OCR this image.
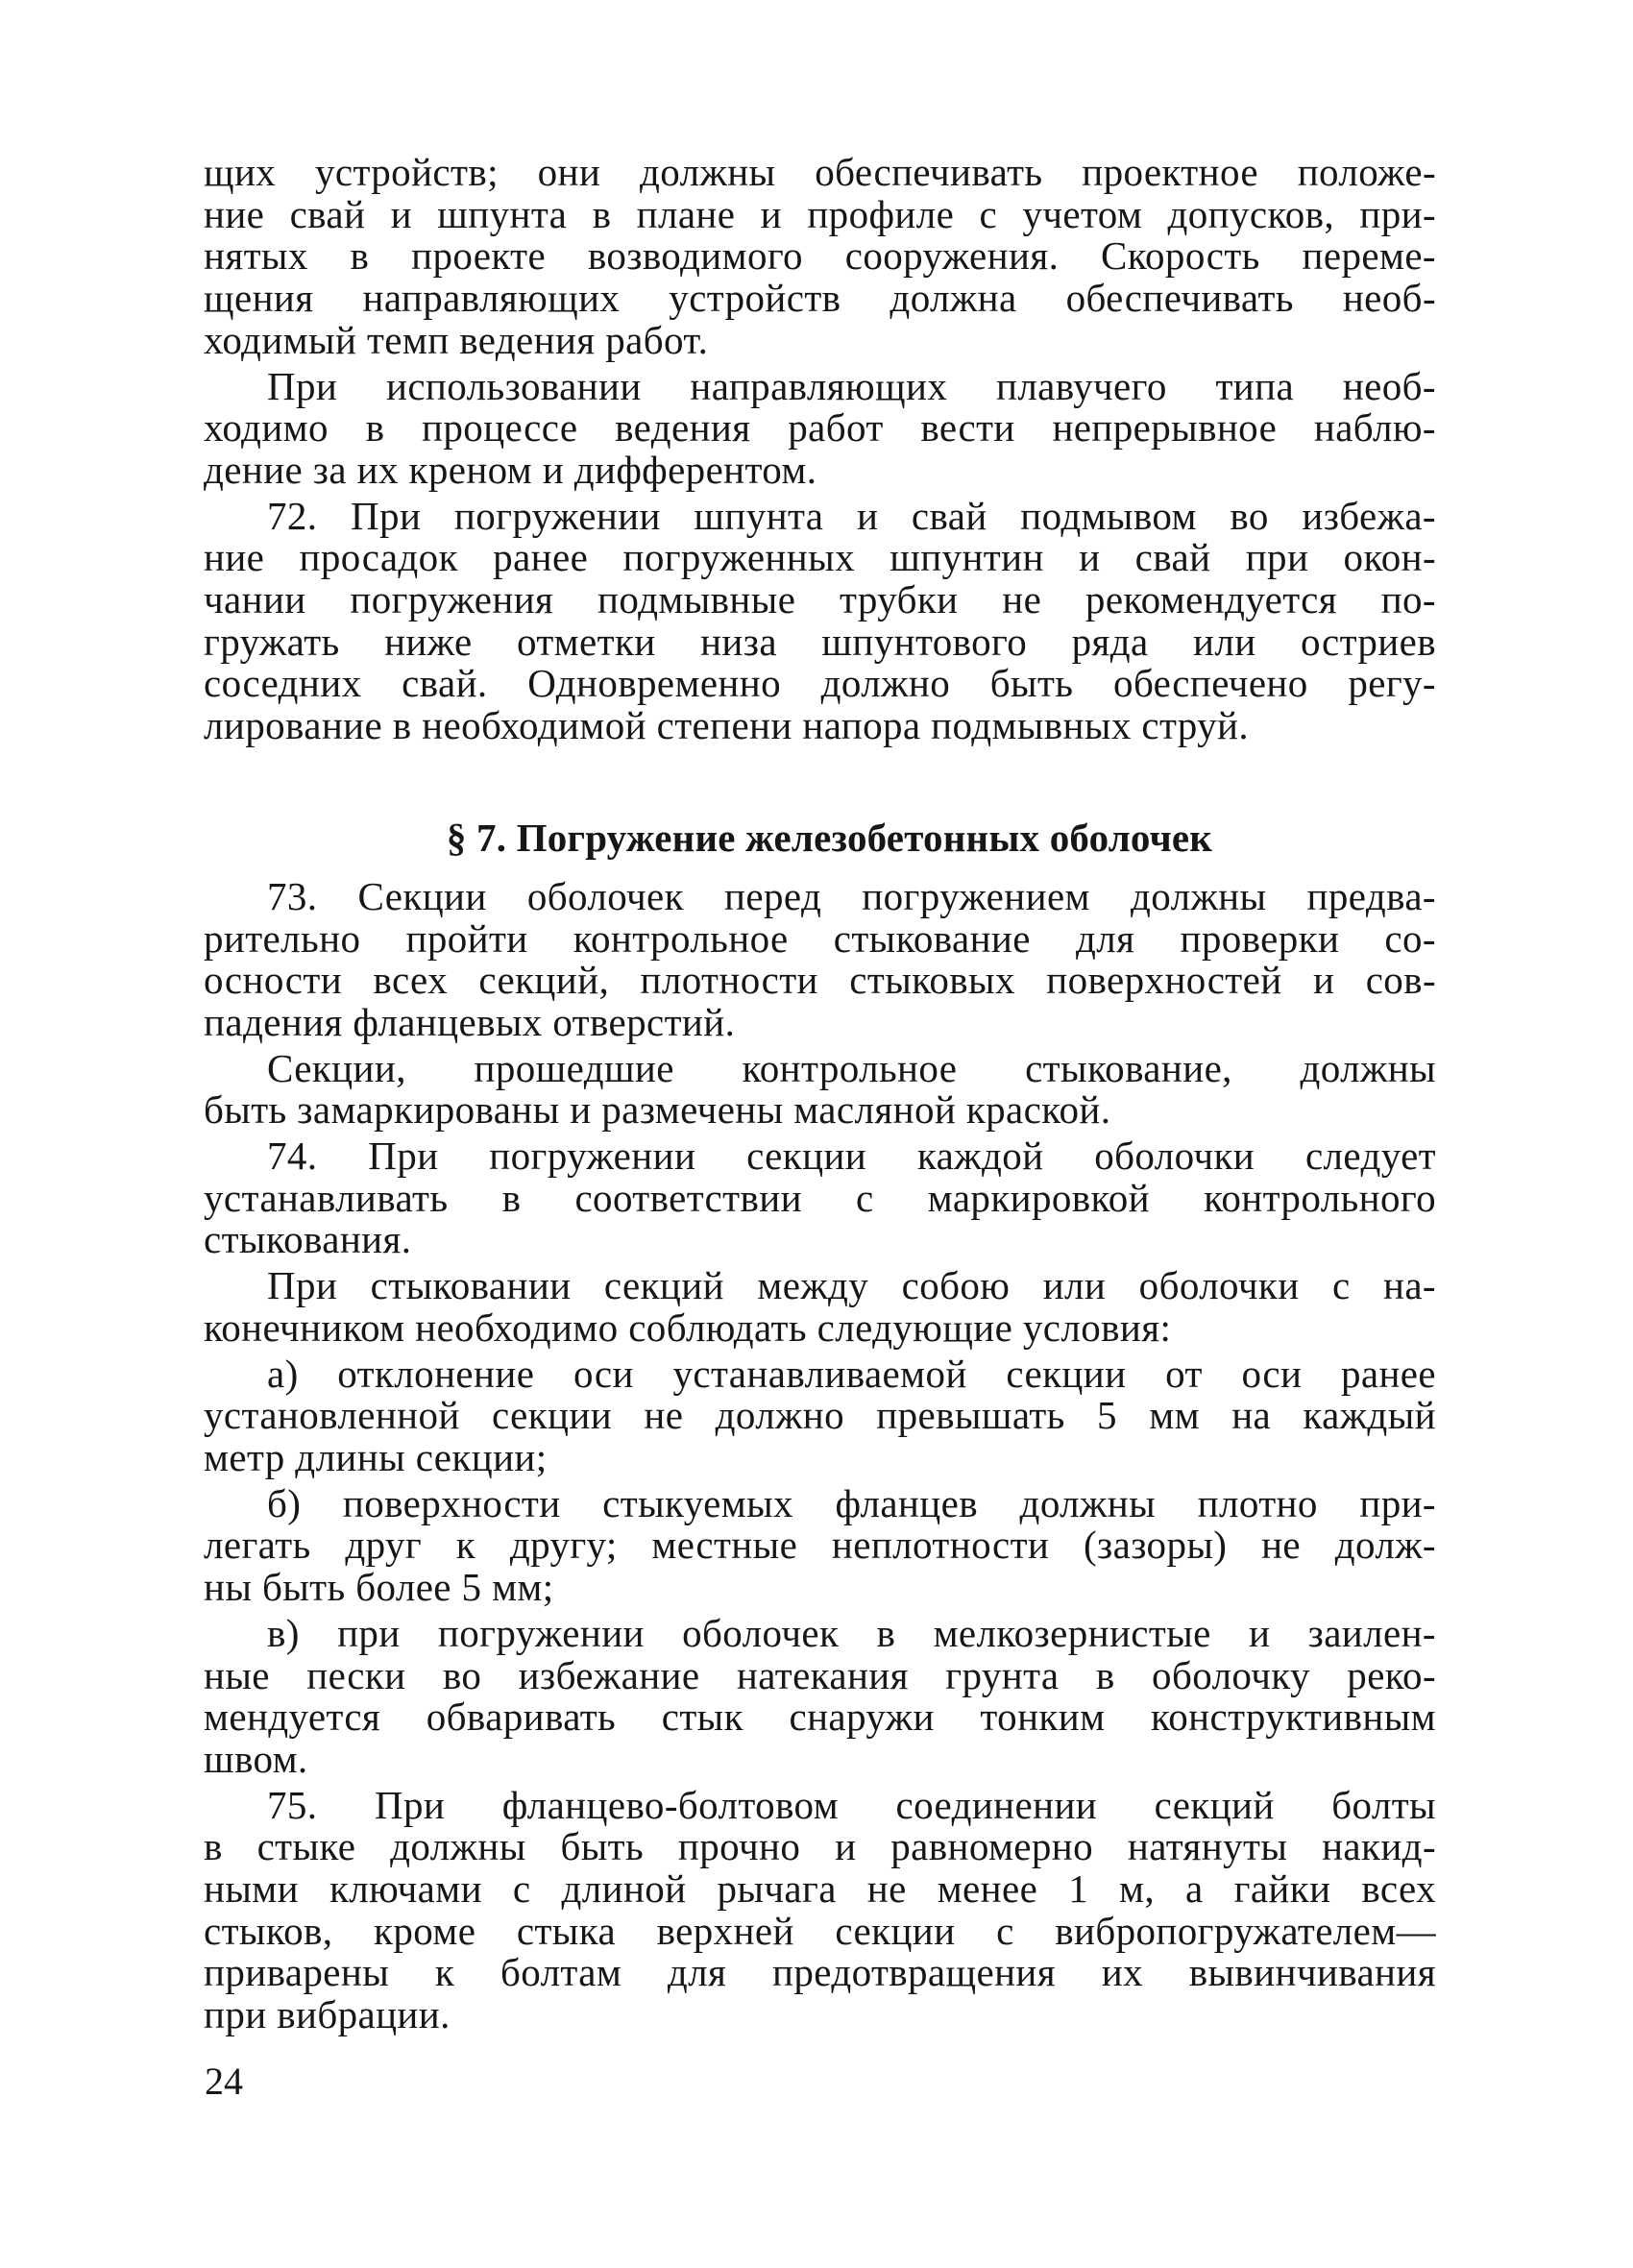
щих устройств; они должны обеспечивать проектное положе-
ние свай и шпунта в плане и профиле с учетом допусков, при-
нятых в проекте возводимого сооружения. Скорость переме-
щения направляющих устройств должна обеспечивать необ-
ходимый темп ведения работ.
При использовании направляющих плавучего типа необ-
ходимо в процессе ведения работ вести непрерывное наблю-
дение за их креном и дифферентом.
72. При погружении шпунта и свай подмывом во избежа-
ние просадок ранее погруженных шпунтин и свай при окон-
чании погружения подмывные трубки не рекомендуется по-
гружать ниже отметки низа шпунтового ряда или остриев
соседних свай. Одновременно должно быть обеспечено регу-
лирование в необходимой степени напора подмывных струй.
§ 7. Погружение железобетонных оболочек
73. Секции оболочек перед погружением должны предва-
рительно пройти контрольное стыкование для проверки со-
осности всех секций, плотности стыковых поверхностей и сов-
падения фланцевых отверстий.
Секции, прошедшие контрольное стыкование, должны
быть замаркированы и размечены масляной краской.
74. При погружении секции каждой оболочки следует
устанавливать в соответствии с маркировкой контрольного
стыкования.
При стыковании секций между собою или оболочки с на-
конечником необходимо соблюдать следующие условия:
а) отклонение оси устанавливаемой секции от оси ранее
установленной секции не должно превышать 5 мм на каждый
метр длины секции;
б) поверхности стыкуемых фланцев должны плотно при-
легать друг к другу; местные неплотности (зазоры) не долж-
ны быть более 5 мм;
в) при погружении оболочек в мелкозернистые и заилен-
ные пески во избежание натекания грунта в оболочку реко-
мендуется обваривать стык снаружи тонким конструктивным
швом.
75. При фланцево-болтовом соединении секций болты
в стыке должны быть прочно и равномерно натянуты накид-
ными ключами с длиной рычага не менее 1 м, а гайки всех
стыков, кроме стыка верхней секции с вибропогружателем—
приварены к болтам для предотвращения их вывинчивания
при вибрации.
24
